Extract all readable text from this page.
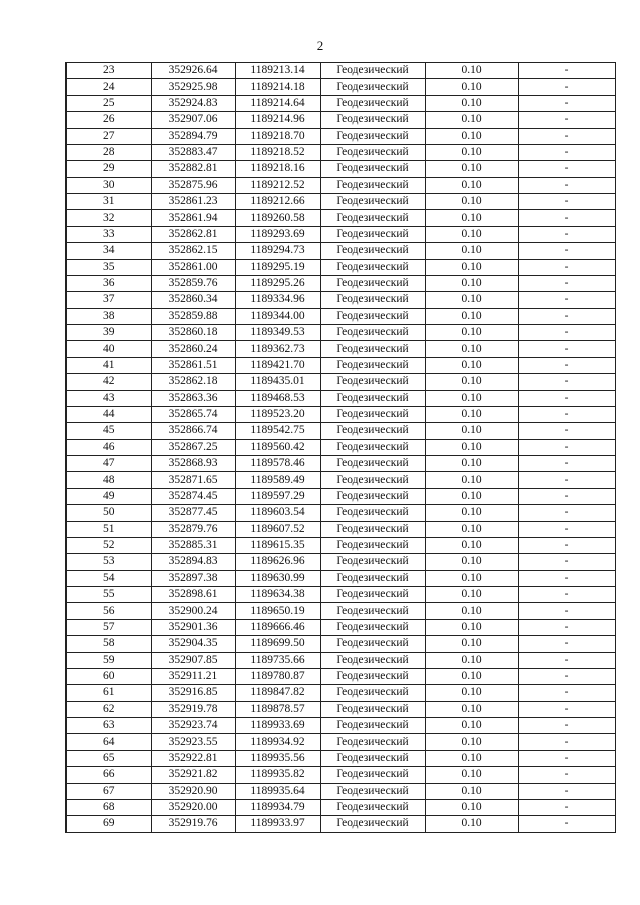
2
23	352926.64	1189213.14	Геодезический	0.10	-
24	352925.98	1189214.18	Геодезический	0.10	-
25	352924.83	1189214.64	Геодезический	0.10	-
26	352907.06	1189214.96	Геодезический	0.10	-
27	352894.79	1189218.70	Геодезический	0.10	-
28	352883.47	1189218.52	Геодезический	0.10	-
29	352882.81	1189218.16	Геодезический	0.10	-
30	352875.96	1189212.52	Геодезический	0.10	-
31	352861.23	1189212.66	Геодезический	0.10	-
32	352861.94	1189260.58	Геодезический	0.10	-
33	352862.81	1189293.69	Геодезический	0.10	-
34	352862.15	1189294.73	Геодезический	0.10	-
35	352861.00	1189295.19	Геодезический	0.10	-
36	352859.76	1189295.26	Геодезический	0.10	-
37	352860.34	1189334.96	Геодезический	0.10	-
38	352859.88	1189344.00	Геодезический	0.10	-
39	352860.18	1189349.53	Геодезический	0.10	-
40	352860.24	1189362.73	Геодезический	0.10	-
41	352861.51	1189421.70	Геодезический	0.10	-
42	352862.18	1189435.01	Геодезический	0.10	-
43	352863.36	1189468.53	Геодезический	0.10	-
44	352865.74	1189523.20	Геодезический	0.10	-
45	352866.74	1189542.75	Геодезический	0.10	-
46	352867.25	1189560.42	Геодезический	0.10	-
47	352868.93	1189578.46	Геодезический	0.10	-
48	352871.65	1189589.49	Геодезический	0.10	-
49	352874.45	1189597.29	Геодезический	0.10	-
50	352877.45	1189603.54	Геодезический	0.10	-
51	352879.76	1189607.52	Геодезический	0.10	-
52	352885.31	1189615.35	Геодезический	0.10	-
53	352894.83	1189626.96	Геодезический	0.10	-
54	352897.38	1189630.99	Геодезический	0.10	-
55	352898.61	1189634.38	Геодезический	0.10	-
56	352900.24	1189650.19	Геодезический	0.10	-
57	352901.36	1189666.46	Геодезический	0.10	-
58	352904.35	1189699.50	Геодезический	0.10	-
59	352907.85	1189735.66	Геодезический	0.10	-
60	352911.21	1189780.87	Геодезический	0.10	-
61	352916.85	1189847.82	Геодезический	0.10	-
62	352919.78	1189878.57	Геодезический	0.10	-
63	352923.74	1189933.69	Геодезический	0.10	-
64	352923.55	1189934.92	Геодезический	0.10	-
65	352922.81	1189935.56	Геодезический	0.10	-
66	352921.82	1189935.82	Геодезический	0.10	-
67	352920.90	1189935.64	Геодезический	0.10	-
68	352920.00	1189934.79	Геодезический	0.10	-
69	352919.76	1189933.97	Геодезический	0.10	-
